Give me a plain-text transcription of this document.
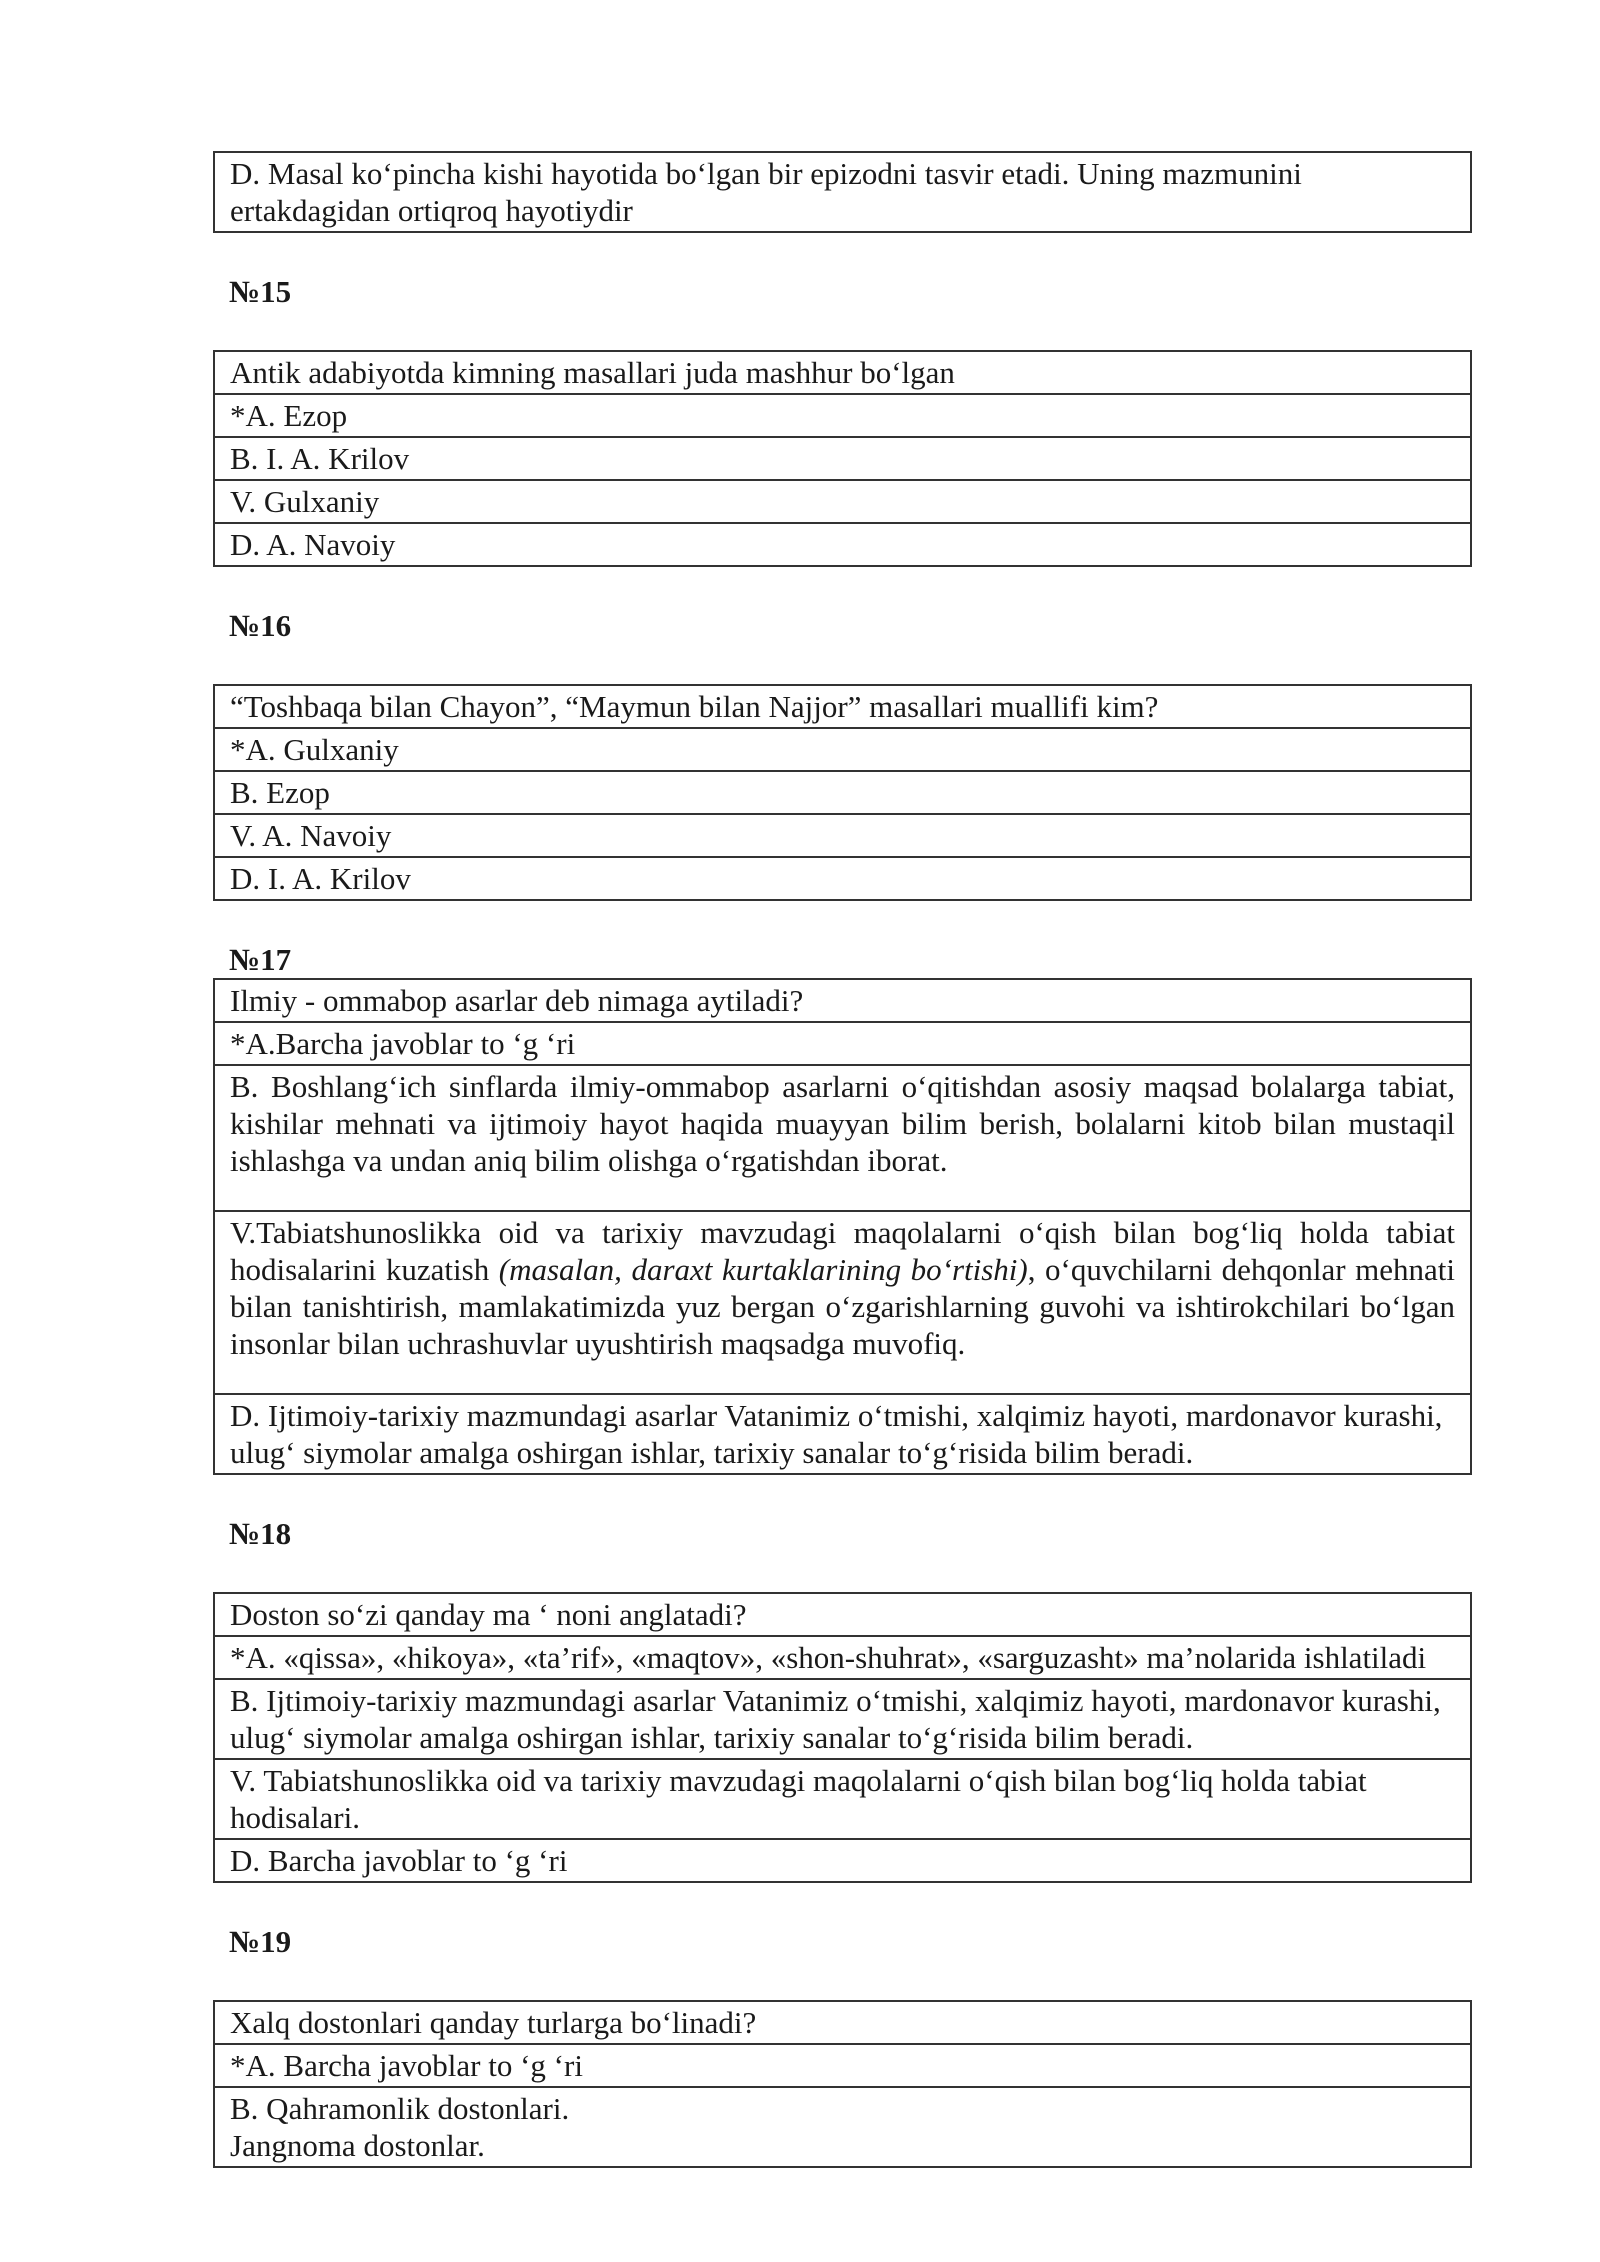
D. Masal ko‘pincha kishi hayotida bo‘lgan bir epizodni tasvir etadi. Uning mazmunini ertakdagidan ortiqroq hayotiydir
№15
Antik adabiyotda kimning masallari juda mashhur bo‘lgan
*A. Ezop
B. I. A. Krilov
V. Gulxaniy
D. A. Navoiy
№16
“Toshbaqa bilan Chayon”, “Maymun bilan Najjor” masallari muallifi kim?
*A. Gulxaniy
B. Ezop
V. A. Navoiy
D. I. A. Krilov
№17
Ilmiy - ommabop asarlar deb nimaga aytiladi?
*A.Barcha javoblar to ‘g ‘ri
B. Boshlang‘ich sinflarda ilmiy-ommabop asarlarni o‘qitishdan asosiy maqsad bolalarga tabiat, kishilar mehnati va ijtimoiy hayot haqida muayyan bilim berish, bolalarni kitob bilan mustaqil ishlashga va undan aniq bilim olishga o‘rgatishdan iborat.
V.Tabiatshunoslikka oid va tarixiy mavzudagi maqolalarni o‘qish bilan bog‘liq holda tabiat hodisalarini kuzatish (masalan, daraxt kurtaklarining bo‘rtishi), o‘quvchilarni dehqonlar mehnati bilan tanishtirish, mamlakatimizda yuz bergan o‘zgarishlarning guvohi va ishtirokchilari bo‘lgan insonlar bilan uchrashuvlar uyushtirish maqsadga muvofiq.
D. Ijtimoiy-tarixiy mazmundagi asarlar Vatanimiz o‘tmishi, xalqimiz hayoti, mardonavor kurashi, ulug‘ siymolar amalga oshirgan ishlar, tarixiy sanalar to‘g‘risida bilim beradi.
№18
Doston so‘zi qanday ma ‘ noni anglatadi?
*A. «qissa», «hikoya», «ta’rif», «maqtov», «shon-shuhrat», «sarguzasht» ma’nolarida ishlatiladi
B. Ijtimoiy-tarixiy mazmundagi asarlar Vatanimiz o‘tmishi, xalqimiz hayoti, mardonavor kurashi, ulug‘ siymolar amalga oshirgan ishlar, tarixiy sanalar to‘g‘risida bilim beradi.
V. Tabiatshunoslikka oid va tarixiy mavzudagi maqolalarni o‘qish bilan bog‘liq holda tabiat hodisalari.
D. Barcha javoblar to ‘g ‘ri
№19
Xalq dostonlari qanday turlarga bo‘linadi?
*A. Barcha javoblar to ‘g ‘ri

B. Qahramonlik dostonlari.
Jangnoma dostonlar.
